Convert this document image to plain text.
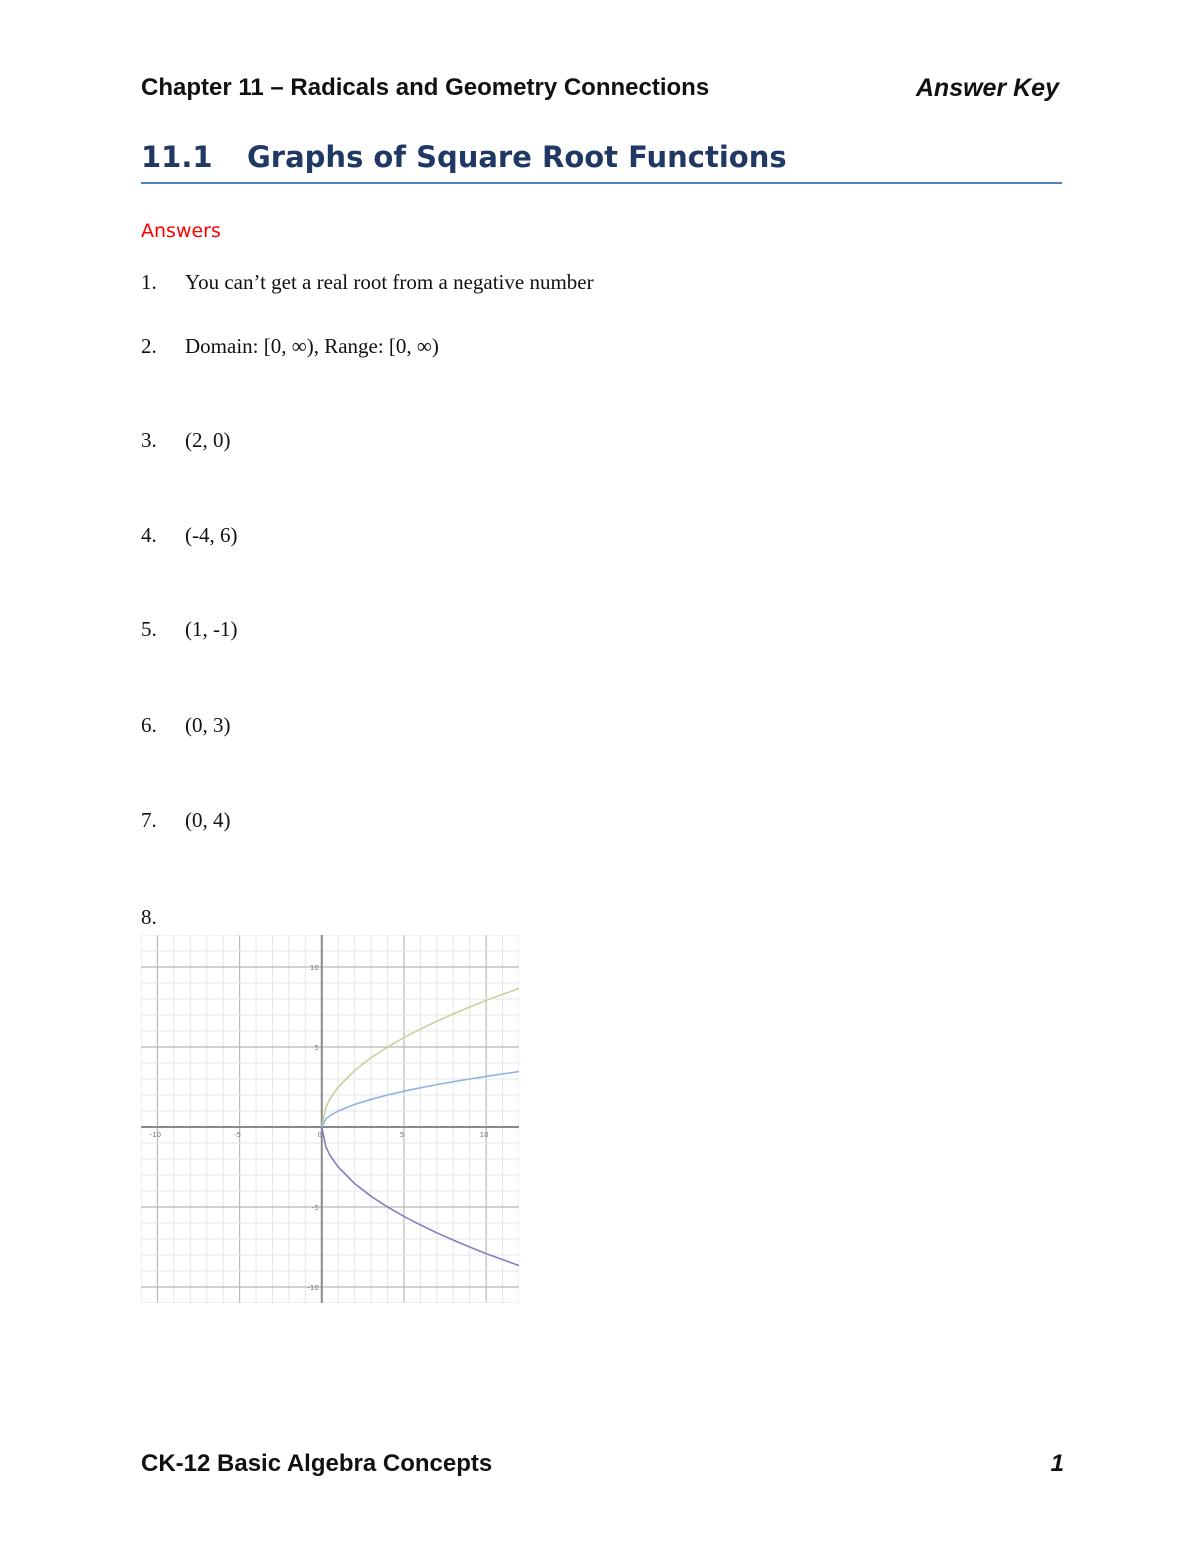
Chapter 11 – Radicals and Geometry Connections	Answer Key
11.1 Graphs of Square Root Functions
Answers
1. You can’t get a real root from a negative number
2. Domain: [0, ∞), Range: [0, ∞)
3. (2, 0)
4. (-4, 6)
5. (1, -1)
6. (0, 3)
7. (0, 4)
8.
-10	-5	0	5	10
10
5
-5
-10
CK-12 Basic Algebra Concepts	1
